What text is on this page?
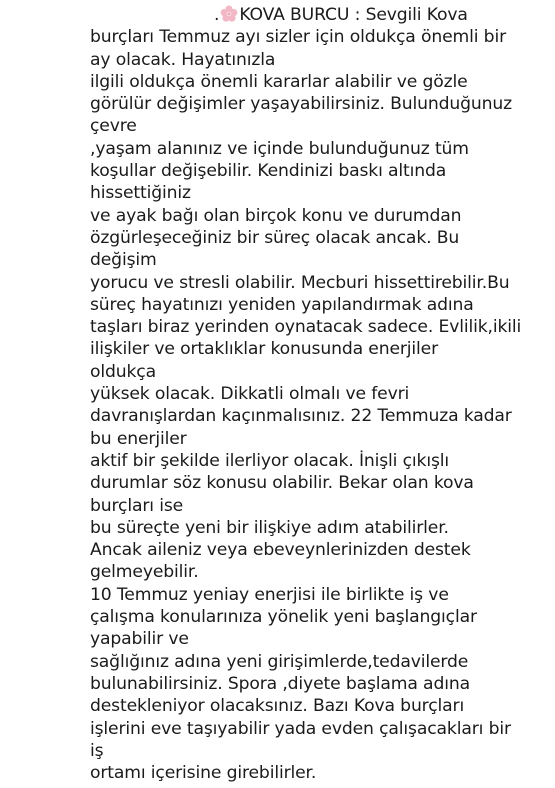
. KOVA BURCU : Sevgili Kova
burçları Temmuz ayı sizler için oldukça önemli bir
ay olacak. Hayatınızla
ilgili oldukça önemli kararlar alabilir ve gözle
görülür değişimler yaşayabilirsiniz. Bulunduğunuz
çevre
,yaşam alanınız ve içinde bulunduğunuz tüm
koşullar değişebilir. Kendinizi baskı altında
hissettiğiniz
ve ayak bağı olan birçok konu ve durumdan
özgürleşeceğiniz bir süreç olacak ancak. Bu
değişim
yorucu ve stresli olabilir. Mecburi hissettirebilir.Bu
süreç hayatınızı yeniden yapılandırmak adına
taşları biraz yerinden oynatacak sadece. Evlilik,ikili
ilişkiler ve ortaklıklar konusunda enerjiler
oldukça
yüksek olacak. Dikkatli olmalı ve fevri
davranışlardan kaçınmalısınız. 22 Temmuza kadar
bu enerjiler
aktif bir şekilde ilerliyor olacak. İnişli çıkışlı
durumlar söz konusu olabilir. Bekar olan kova
burçları ise
bu süreçte yeni bir ilişkiye adım atabilirler.
Ancak aileniz veya ebeveynlerinizden destek
gelmeyebilir.
10 Temmuz yeniay enerjisi ile birlikte iş ve
çalışma konularınıza yönelik yeni başlangıçlar
yapabilir ve
sağlığınız adına yeni girişimlerde,tedavilerde
bulunabilirsiniz. Spora ,diyete başlama adına
destekleniyor olacaksınız. Bazı Kova burçları
işlerini eve taşıyabilir yada evden çalışacakları bir
iş
ortamı içerisine girebilirler.
